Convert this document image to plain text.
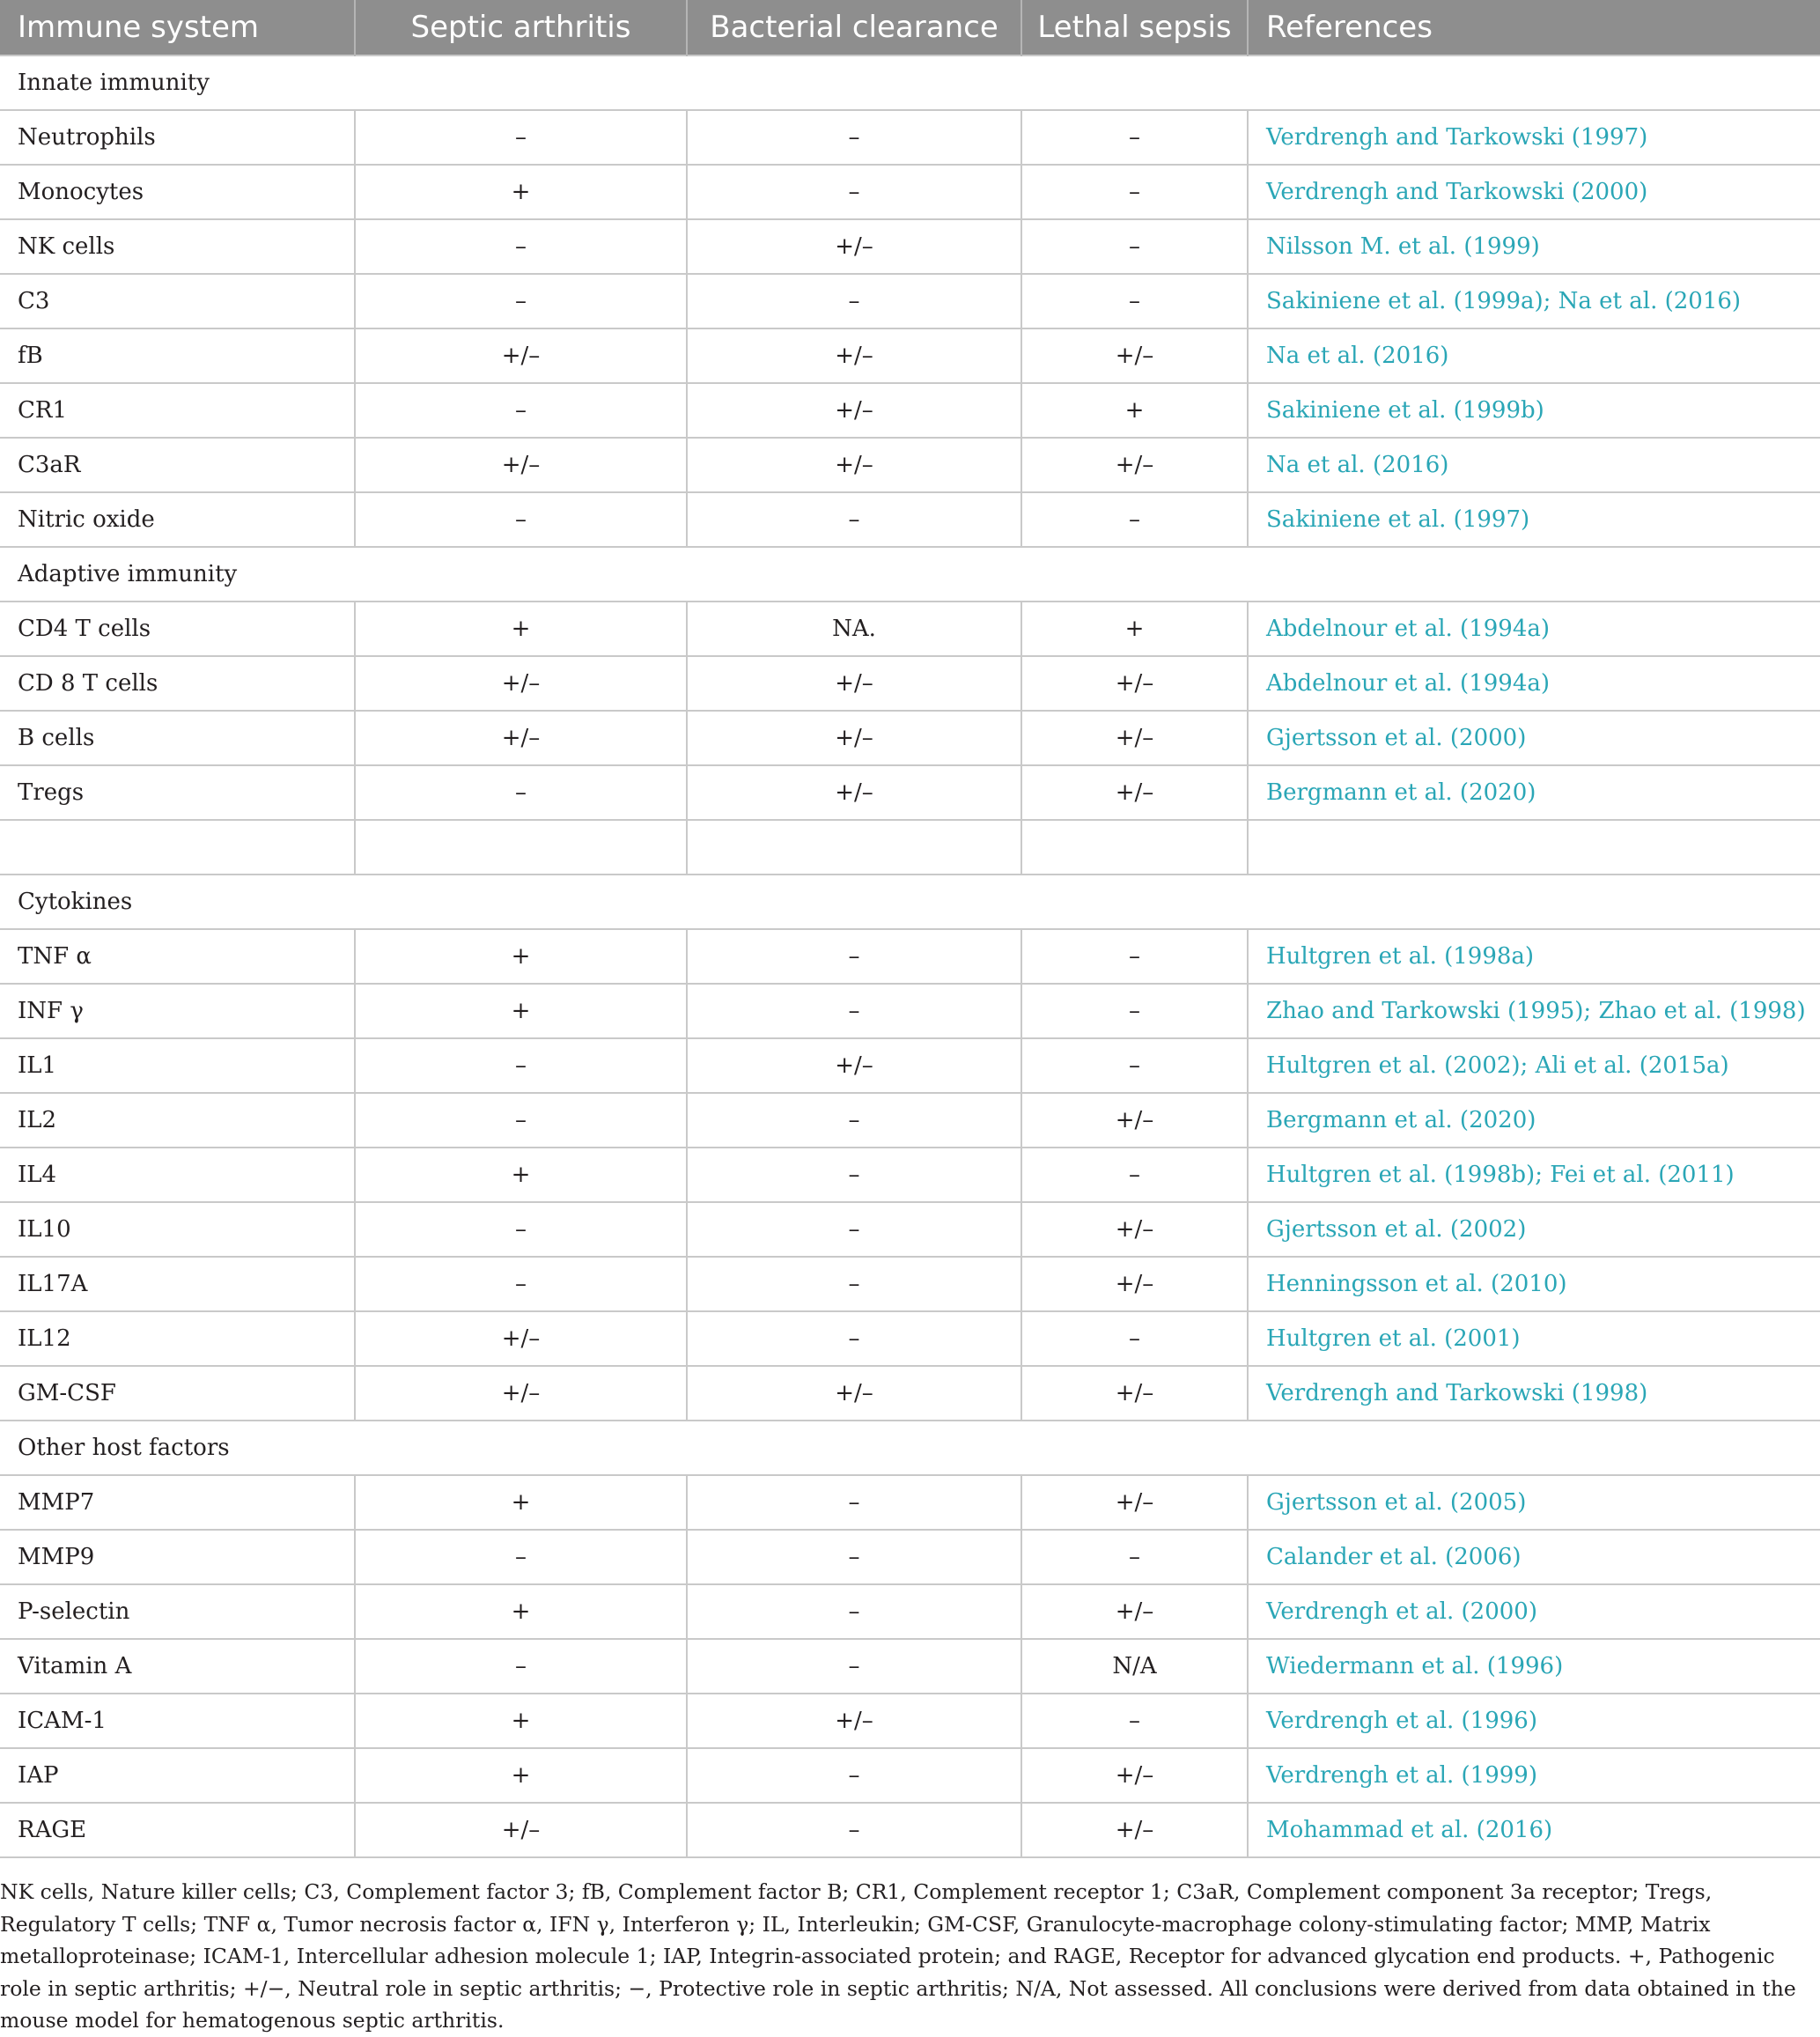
Immune system	Septic arthritis	Bacterial clearance	Lethal sepsis	References
Innate immunity				
Neutrophils	–	–	–	Verdrengh and Tarkowski (1997)
Monocytes	+	–	–	Verdrengh and Tarkowski (2000)
NK cells	–	+/–	–	Nilsson M. et al. (1999)
C3	–	–	–	Sakiniene et al. (1999a); Na et al. (2016)
fB	+/–	+/–	+/–	Na et al. (2016)
CR1	–	+/–	+	Sakiniene et al. (1999b)
C3aR	+/–	+/–	+/–	Na et al. (2016)
Nitric oxide	–	–	–	Sakiniene et al. (1997)
Adaptive immunity				
CD4 T cells	+	NA.	+	Abdelnour et al. (1994a)
CD 8 T cells	+/–	+/–	+/–	Abdelnour et al. (1994a)
B cells	+/–	+/–	+/–	Gjertsson et al. (2000)
Tregs	–	+/–	+/–	Bergmann et al. (2020)

Cytokines				
TNF α	+	–	–	Hultgren et al. (1998a)
INF γ	+	–	–	Zhao and Tarkowski (1995); Zhao et al. (1998)
IL1	–	+/–	–	Hultgren et al. (2002); Ali et al. (2015a)
IL2	–	–	+/–	Bergmann et al. (2020)
IL4	+	–	–	Hultgren et al. (1998b); Fei et al. (2011)
IL10	–	–	+/–	Gjertsson et al. (2002)
IL17A	–	–	+/–	Henningsson et al. (2010)
IL12	+/–	–	–	Hultgren et al. (2001)
GM-CSF	+/–	+/–	+/–	Verdrengh and Tarkowski (1998)
Other host factors				
MMP7	+	–	+/–	Gjertsson et al. (2005)
MMP9	–	–	–	Calander et al. (2006)
P-selectin	+	–	+/–	Verdrengh et al. (2000)
Vitamin A	–	–	N/A	Wiedermann et al. (1996)
ICAM-1	+	+/–	–	Verdrengh et al. (1996)
IAP	+	–	+/–	Verdrengh et al. (1999)
RAGE	+/–	–	+/–	Mohammad et al. (2016)

NK cells, Nature killer cells; C3, Complement factor 3; fB, Complement factor B; CR1, Complement receptor 1; C3aR, Complement component 3a receptor; Tregs, Regulatory T cells; TNF α, Tumor necrosis factor α, IFN γ, Interferon γ; IL, Interleukin; GM-CSF, Granulocyte-macrophage colony-stimulating factor; MMP, Matrix metalloproteinase; ICAM-1, Intercellular adhesion molecule 1; IAP, Integrin-associated protein; and RAGE, Receptor for advanced glycation end products. +, Pathogenic role in septic arthritis; +/−, Neutral role in septic arthritis; −, Protective role in septic arthritis; N/A, Not assessed. All conclusions were derived from data obtained in the mouse model for hematogenous septic arthritis.
